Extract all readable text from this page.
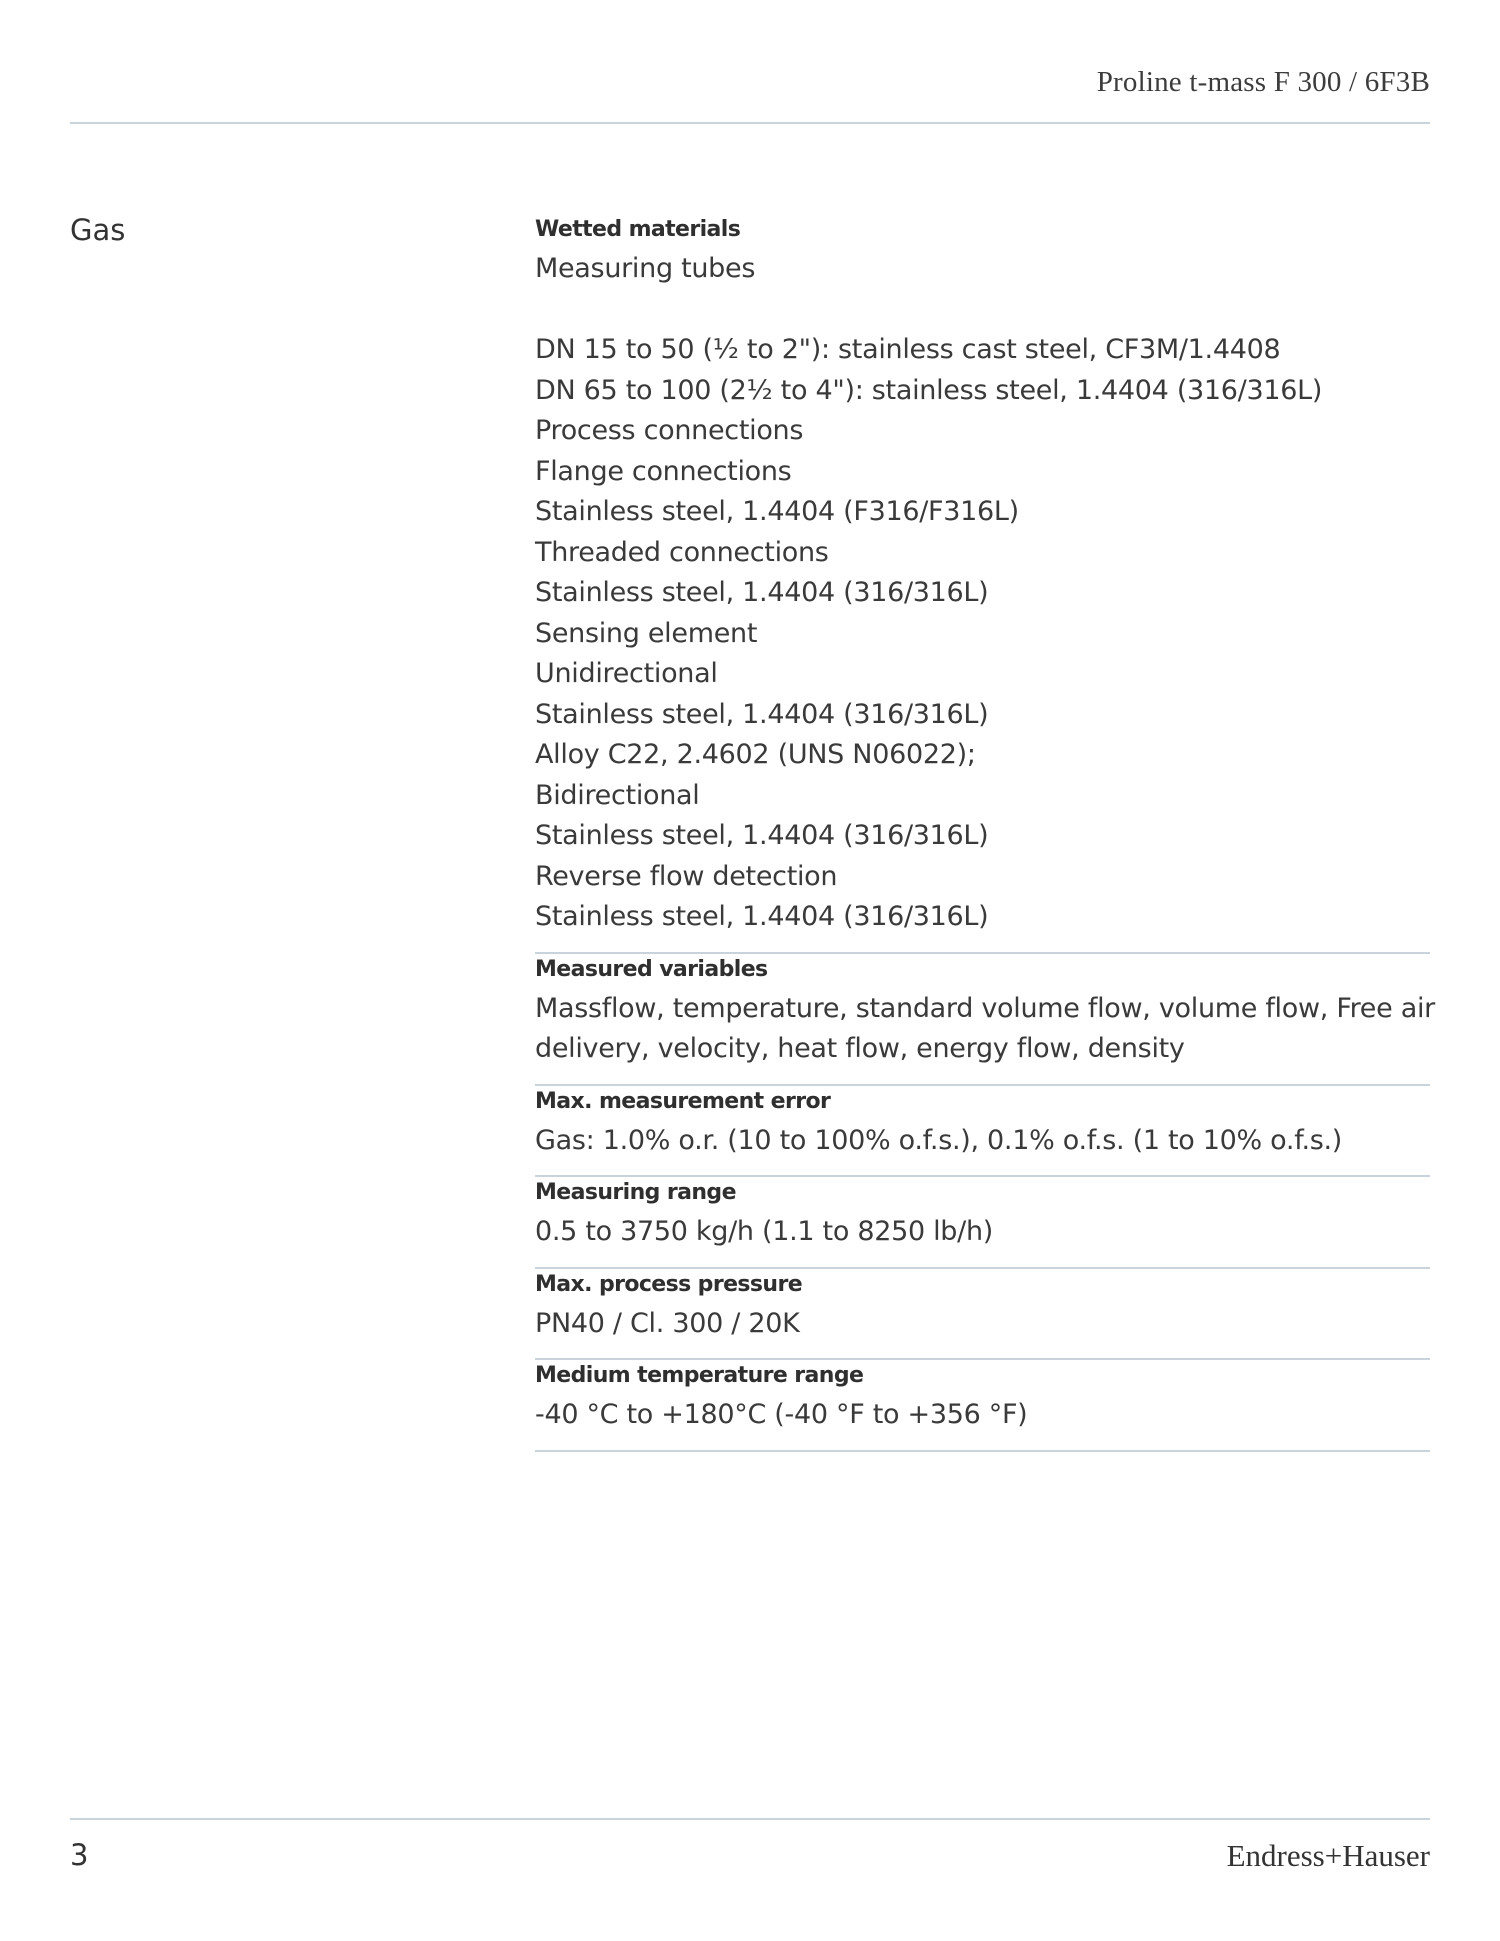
Proline t-mass F 300 / 6F3B
Gas	Wetted materials
Measuring tubes
DN 15 to 50 (½ to 2"): stainless cast steel, CF3M/1.4408
DN 65 to 100 (2½ to 4"): stainless steel, 1.4404 (316/316L)
Process connections
Flange connections
Stainless steel, 1.4404 (F316/F316L)
Threaded connections
Stainless steel, 1.4404 (316/316L)
Sensing element
Unidirectional
Stainless steel, 1.4404 (316/316L)
Alloy C22, 2.4602 (UNS N06022);
Bidirectional
Stainless steel, 1.4404 (316/316L)
Reverse flow detection
Stainless steel, 1.4404 (316/316L)
Measured variables
Massflow, temperature, standard volume flow, volume flow, Free air
delivery, velocity, heat flow, energy flow, density
Max. measurement error
Gas: 1.0% o.r. (10 to 100% o.f.s.), 0.1% o.f.s. (1 to 10% o.f.s.)
Measuring range
0.5 to 3750 kg/h (1.1 to 8250 lb/h)
Max. process pressure
PN40 / Cl. 300 / 20K
Medium temperature range
-40 °C to +180°C (-40 °F to +356 °F)
3	Endress+Hauser
